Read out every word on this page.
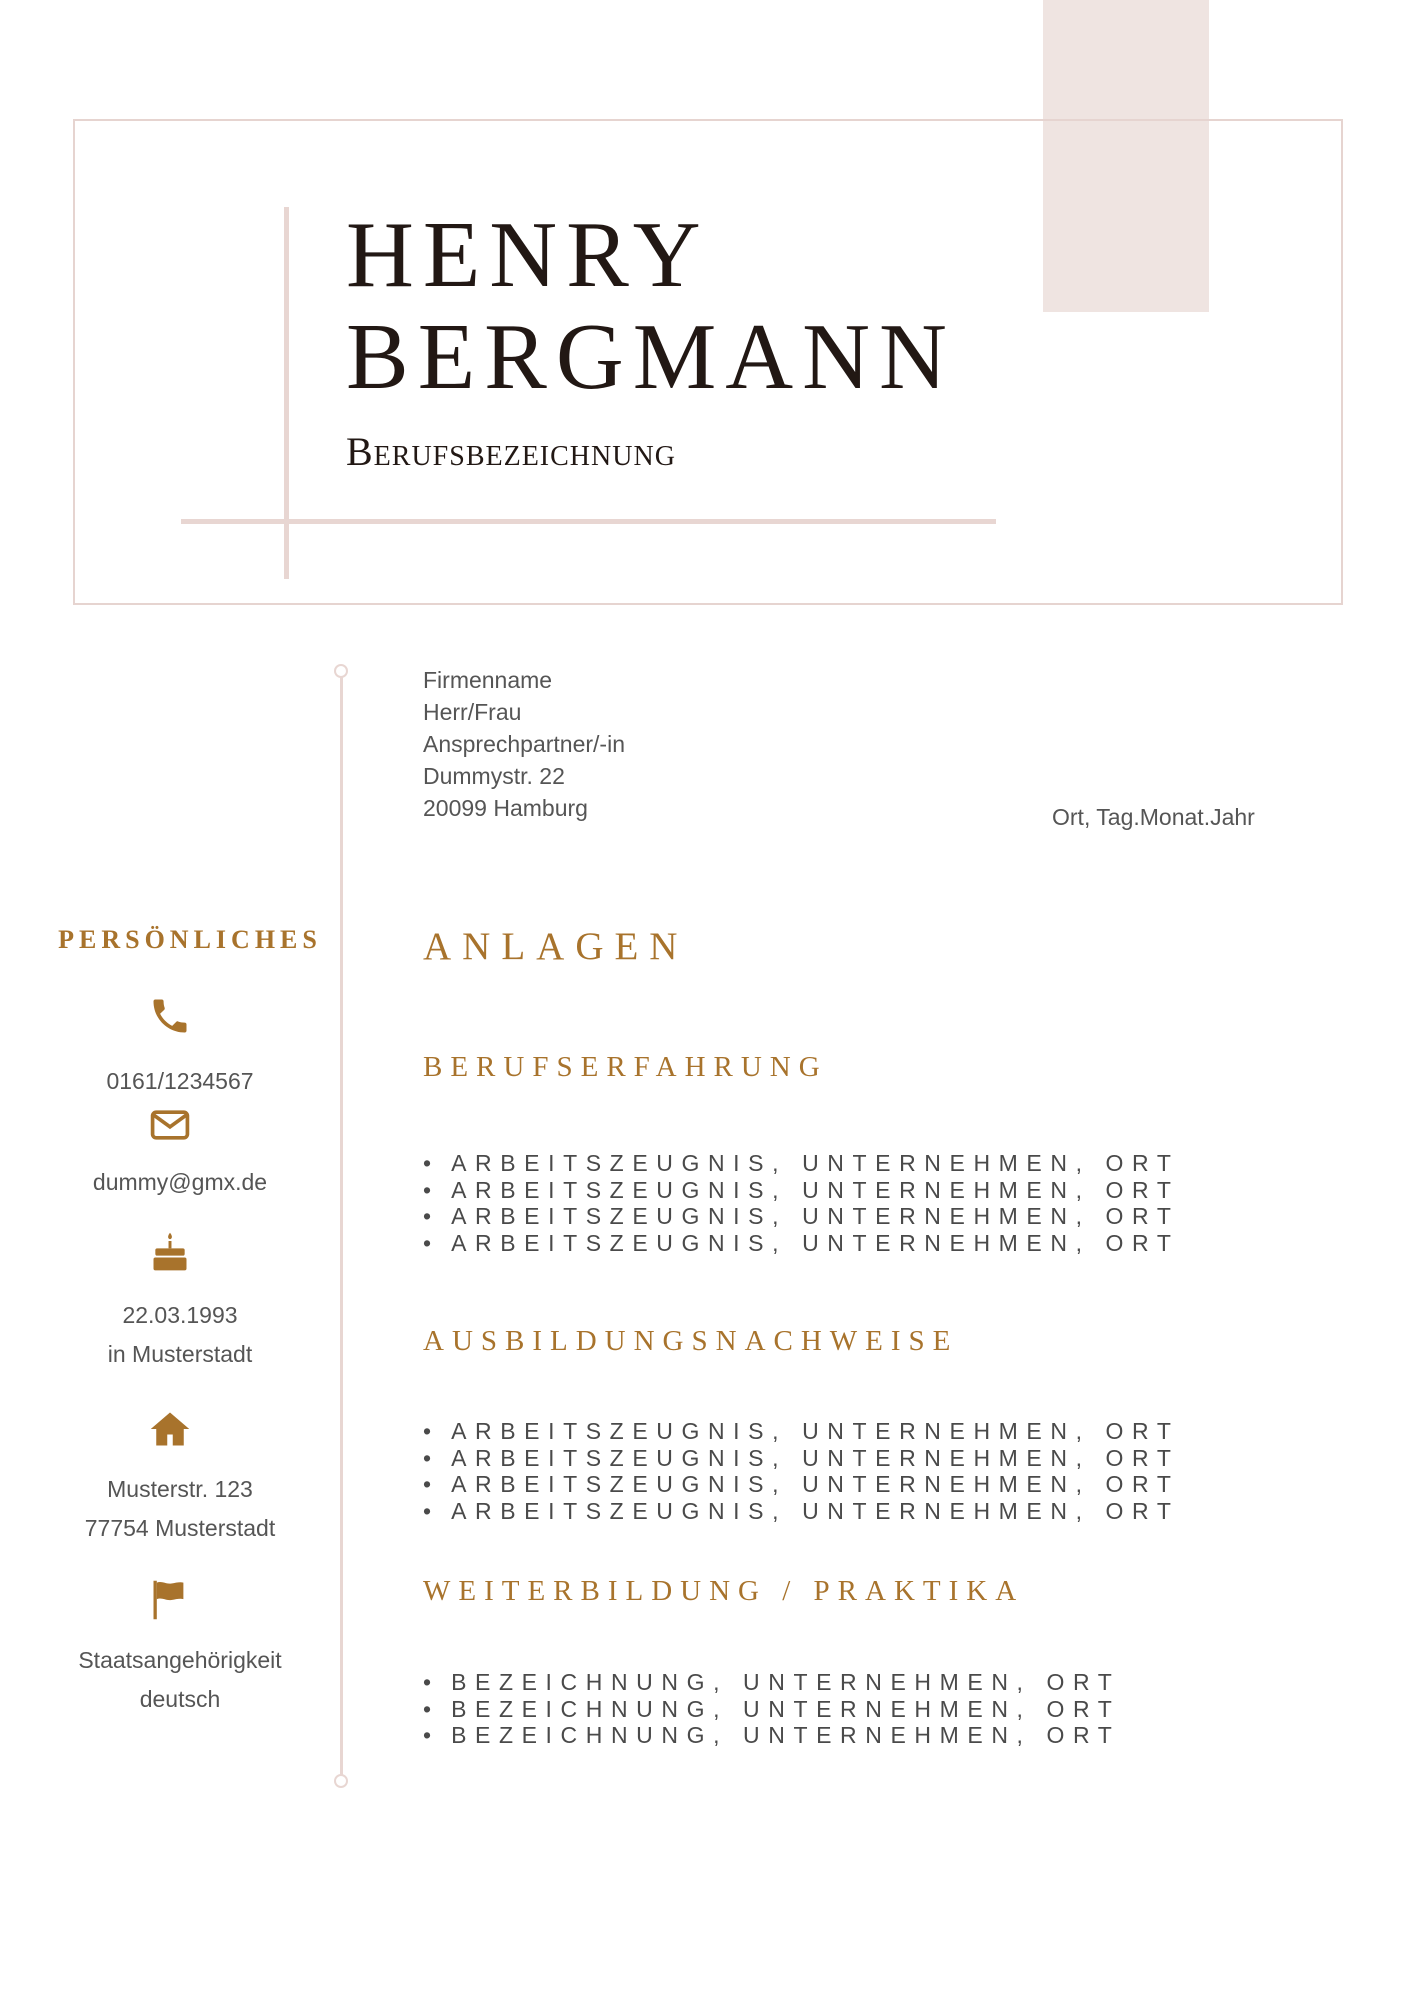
HENRY
BERGMANN
Berufsbezeichnung
Firmenname
Herr/Frau
Ansprechpartner/-in
Dummystr. 22
20099 Hamburg	Ort, Tag.Monat.Jahr
PERSÖNLICHES
0161/1234567
dummy@gmx.de
22.03.1993
in Musterstadt
Musterstr. 123
77754 Musterstadt
Staatsangehörigkeit
deutsch
ANLAGEN
BERUFSERFAHRUNG
• ARBEITSZEUGNIS, UNTERNEHMEN, ORT
• ARBEITSZEUGNIS, UNTERNEHMEN, ORT
• ARBEITSZEUGNIS, UNTERNEHMEN, ORT
• ARBEITSZEUGNIS, UNTERNEHMEN, ORT
AUSBILDUNGSNACHWEISE
• ARBEITSZEUGNIS, UNTERNEHMEN, ORT
• ARBEITSZEUGNIS, UNTERNEHMEN, ORT
• ARBEITSZEUGNIS, UNTERNEHMEN, ORT
• ARBEITSZEUGNIS, UNTERNEHMEN, ORT
WEITERBILDUNG / PRAKTIKA
• BEZEICHNUNG, UNTERNEHMEN, ORT
• BEZEICHNUNG, UNTERNEHMEN, ORT
• BEZEICHNUNG, UNTERNEHMEN, ORT
